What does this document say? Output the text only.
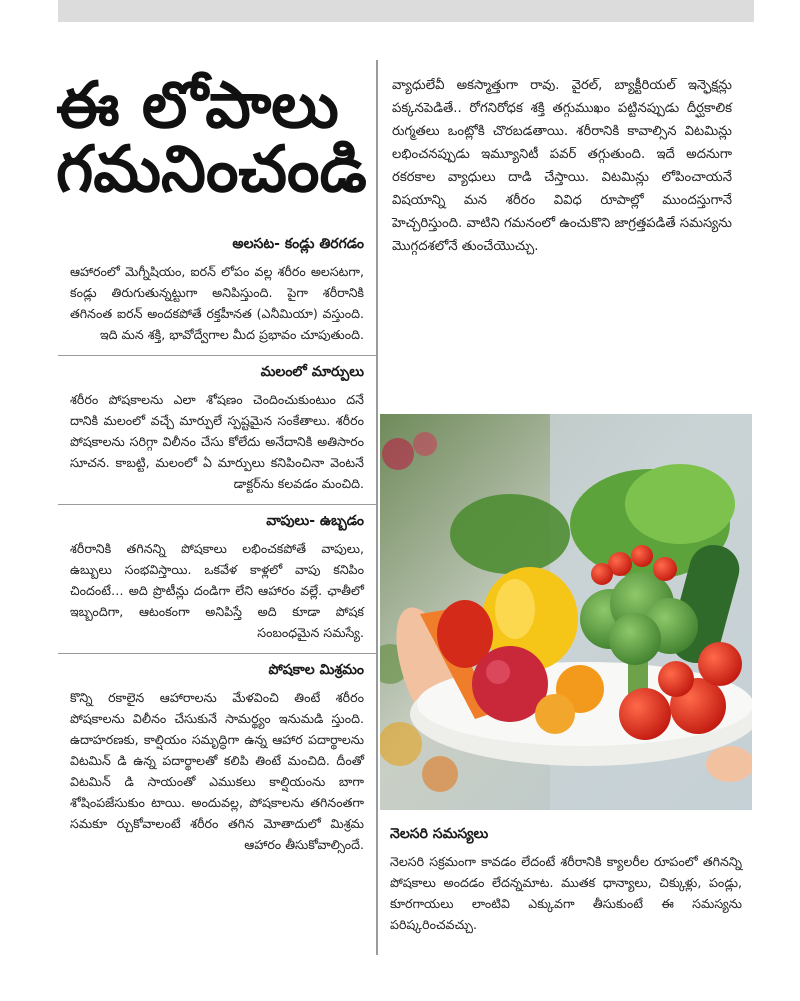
ఈ లోపాలు
గమనించండి
అలసట- కండ్లు తిరగడం

ఆహారంలో మెగ్నీషియం, ఐరన్ లోపం వల్ల శరీరం అలసటగా, కండ్లు తిరుగుతున్నట్టుగా అనిపిస్తుంది. పైగా శరీరానికి తగినంత ఐరన్ అందకపోతే రక్తహీనత (ఎనీమియా) వస్తుంది. ఇది మన శక్తి, భావోద్వేగాల మీద ప్రభావం చూపుతుంది.

మలంలో మార్పులు

శరీరం పోషకాలను ఎలా శోషణం చెందించుకుంటుం దనే దానికి మలంలో వచ్చే మార్పులే స్పష్టమైన సంకేతాలు. శరీరం పోషకాలను సరిగ్గా విలీనం చేసు కోలేదు అనేదానికి అతిసారం సూచన. కాబట్టి, మలంలో ఏ మార్పులు కనిపించినా వెంటనే డాక్టర్‌ను కలవడం మంచిది.

వాపులు- ఉబ్బడం

శరీరానికి తగినన్ని పోషకాలు లభించకపోతే వాపులు, ఉబ్బులు సంభవిస్తాయి. ఒకవేళ కాళ్లలో వాపు కనిపిం చిందంటే… అది ప్రొటీన్లు దండిగా లేని ఆహారం వల్లే. ఛాతీలో ఇబ్బందిగా, ఆటంకంగా అనిపిస్తే అది కూడా పోషక సంబంధమైన సమస్యే.

పోషకాల మిశ్రమం

కొన్ని రకాలైన ఆహారాలను మేళవించి తింటే శరీరం పోషకాలను విలీనం చేసుకునే సామర్థ్యం ఇనుమడి స్తుంది. ఉదాహరణకు, కాల్షియం సమృద్ధిగా ఉన్న ఆహార పదార్థాలను విటమిన్ డి ఉన్న పదార్థాలతో కలిపి తింటే మంచిది. దీంతో విటమిన్ డి సాయంతో ఎముకలు కాల్షియంను బాగా శోషింపజేసుకుం టాయి. అందువల్ల, పోషకాలను తగినంతగా సమకూ ర్చుకోవాలంటే శరీరం తగిన మోతాదులో మిశ్రమ ఆహారం తీసుకోవాల్సిందే.

వ్యాధులేవీ అకస్మాత్తుగా రావు. వైరల్, బ్యాక్టీరియల్ ఇన్ఫెక్షన్లు పక్కనపెడితే.. రోగనిరోధక శక్తి తగ్గుముఖం పట్టినప్పుడు దీర్ఘకాలిక రుగ్మతలు ఒంట్లోకి చొరబడతాయి. శరీరానికి కావాల్సిన విటమిన్లు లభించనప్పుడు ఇమ్యూనిటీ పవర్ తగ్గుతుంది. ఇదే అదనుగా రకరకాల వ్యాధులు దాడి చేస్తాయి. విటమిన్లు లోపించాయనే విషయాన్ని మన శరీరం వివిధ రూపాల్లో ముందస్తుగానే హెచ్చరిస్తుంది. వాటిని గమనంలో ఉంచుకొని జాగ్రత్తపడితే సమస్యను మొగ్గదశలోనే తుంచేయొచ్చు.

నెలసరి సమస్యలు

నెలసరి సక్రమంగా కావడం లేదంటే శరీరానికి క్యాలరీల రూపంలో తగినన్ని పోషకాలు అందడం లేదన్నమాట. ముతక ధాన్యాలు, చిక్కుళ్లు, పండ్లు, కూరగాయలు లాంటివి ఎక్కువగా తీసుకుంటే ఈ సమస్యను పరిష్కరించవచ్చు.
